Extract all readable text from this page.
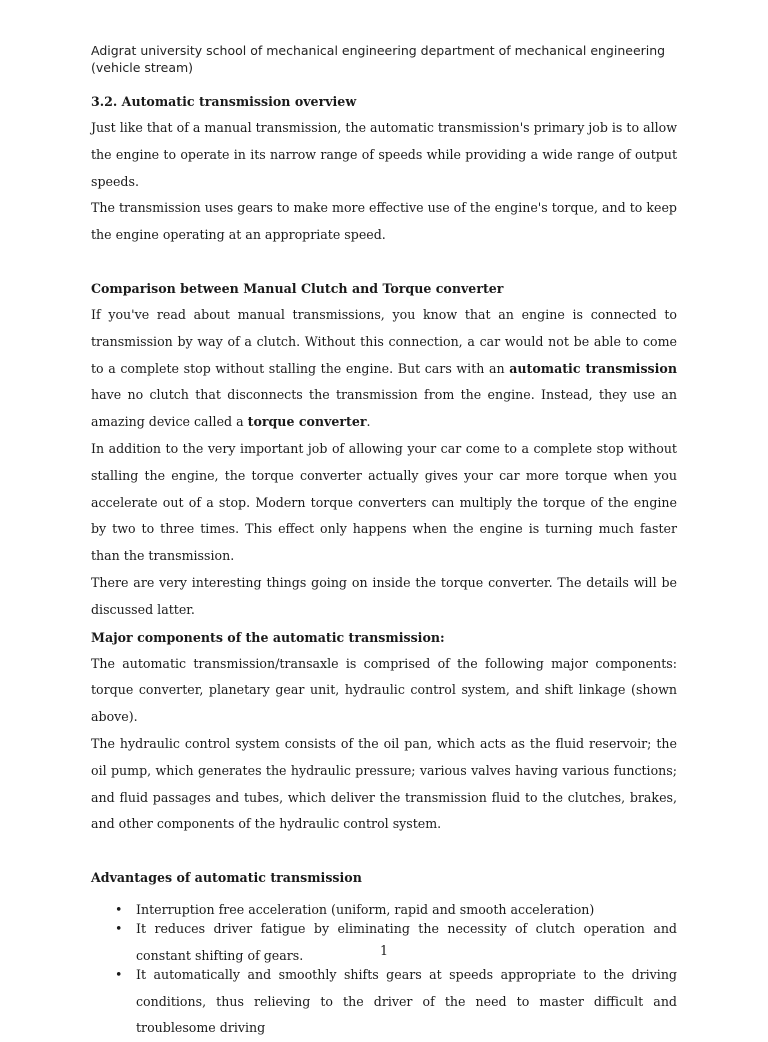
Adigrat university school of mechanical engineering department of mechanical engineering
(vehicle stream)
3.2. Automatic transmission overview

Just like that of a manual transmission, the automatic transmission's primary job is to allow the engine to operate in its narrow range of speeds while providing a wide range of output speeds.

The transmission uses gears to make more effective use of the engine's torque, and to keep the engine operating at an appropriate speed.

Comparison between Manual Clutch and Torque converter

If you've read about manual transmissions, you know that an engine is connected to transmission by way of a clutch. Without this connection, a car would not be able to come to a complete stop without stalling the engine. But cars with an automatic transmission have no clutch that disconnects the transmission from the engine. Instead, they use an amazing device called a torque converter.

In addition to the very important job of allowing your car come to a complete stop without stalling the engine, the torque converter actually gives your car more torque when you accelerate out of a stop. Modern torque converters can multiply the torque of the engine by two to three times. This effect only happens when the engine is turning much faster than the transmission.

There are very interesting things going on inside the torque converter. The details will be discussed latter.

Major components of the automatic transmission:

The automatic transmission/transaxle is comprised of the following major components: torque converter, planetary gear unit, hydraulic control system, and shift linkage (shown above).

The hydraulic control system consists of the oil pan, which acts as the fluid reservoir; the oil pump, which generates the hydraulic pressure; various valves having various functions; and fluid passages and tubes, which deliver the transmission fluid to the clutches, brakes, and other components of the hydraulic control system.

Advantages of automatic transmission
• Interruption free acceleration (uniform, rapid and smooth acceleration)
• It reduces driver fatigue by eliminating the necessity of clutch operation and constant shifting of gears.
• It automatically and smoothly shifts gears at speeds appropriate to the driving conditions, thus relieving to the driver of the need to master difficult and troublesome driving
1
